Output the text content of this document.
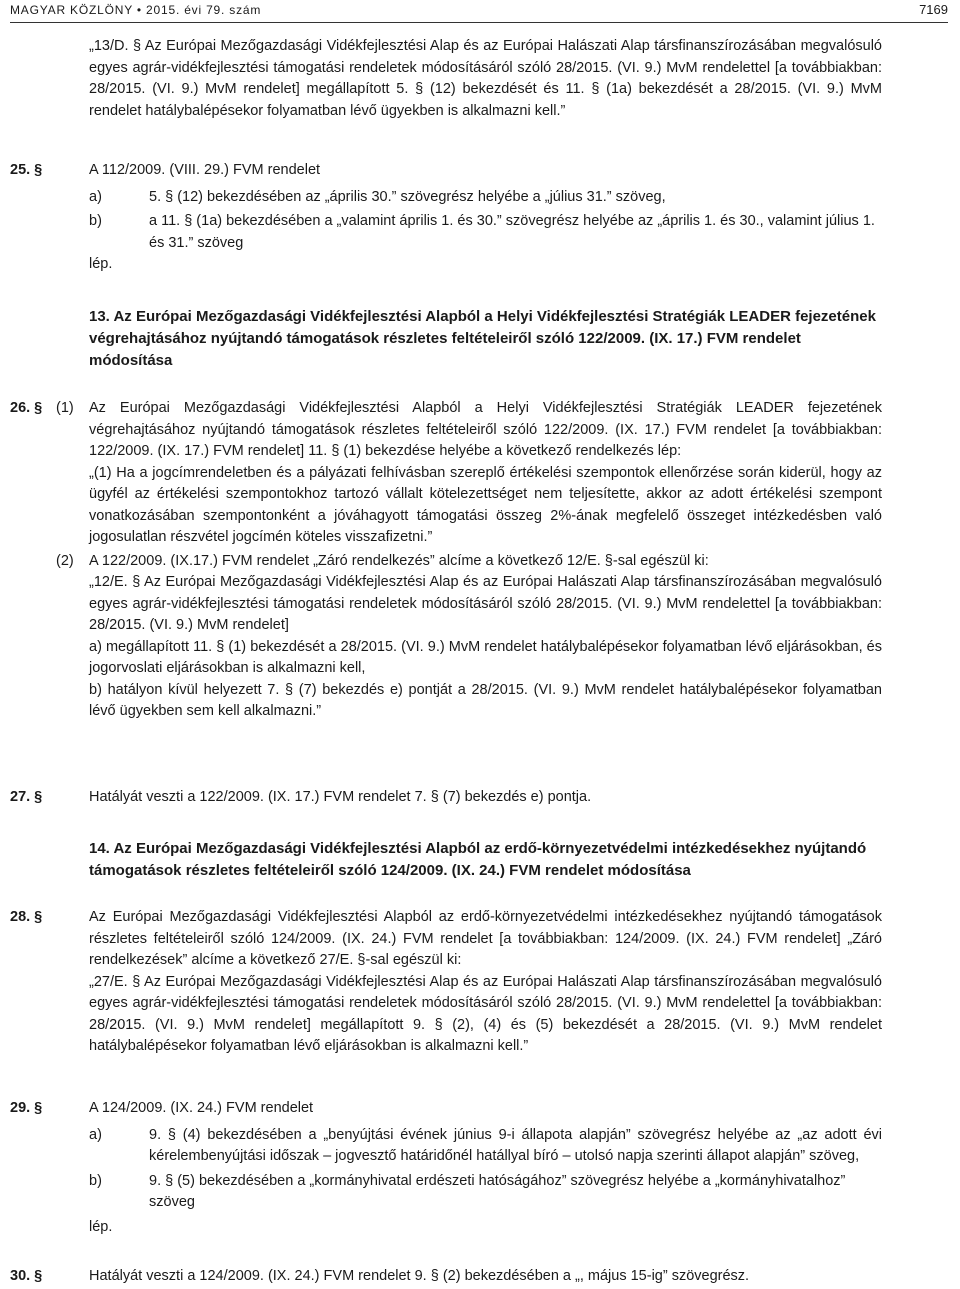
MAGYAR KÖZLÖNY • 2015. évi 79. szám	7169

„13/D. § Az Európai Mezőgazdasági Vidékfejlesztési Alap és az Európai Halászati Alap társfinanszírozásában megvalósuló egyes agrár-vidékfejlesztési támogatási rendeletek módosításáról szóló 28/2015. (VI. 9.) MvM rendelettel [a továbbiakban: 28/2015. (VI. 9.) MvM rendelet] megállapított 5. § (12) bekezdését és 11. § (1a) bekezdését a 28/2015. (VI. 9.) MvM rendelet hatálybalépésekor folyamatban lévő ügyekben is alkalmazni kell.”

25. §	A 112/2009. (VIII. 29.) FVM rendelet

a)	5. § (12) bekezdésében az „április 30.” szövegrész helyébe a „július 31.” szöveg,
b)	a 11. § (1a) bekezdésében a „valamint április 1. és 30.” szövegrész helyébe az „április 1. és 30., valamint július 1. és 31.” szöveg

lép.

13. Az Európai Mezőgazdasági Vidékfejlesztési Alapból a Helyi Vidékfejlesztési Stratégiák LEADER fejezetének végrehajtásához nyújtandó támogatások részletes feltételeiről szóló 122/2009. (IX. 17.) FVM rendelet módosítása
26. § (1) Az Európai Mezőgazdasági Vidékfejlesztési Alapból a Helyi Vidékfejlesztési Stratégiák LEADER fejezetének végrehajtásához nyújtandó támogatások részletes feltételeiről szóló 122/2009. (IX. 17.) FVM rendelet [a továbbiakban: 122/2009. (IX. 17.) FVM rendelet] 11. § (1) bekezdése helyébe a következő rendelkezés lép:

„(1) Ha a jogcímrendeletben és a pályázati felhívásban szereplő értékelési szempontok ellenőrzése során kiderül, hogy az ügyfél az értékelési szempontokhoz tartozó vállalt kötelezettséget nem teljesítette, akkor az adott értékelési szempont vonatkozásában szempontonként a jóváhagyott támogatási összeg 2%-ának megfelelő összeget intézkedésben való jogosulatlan részvétel jogcímén köteles visszafizetni.”

(2) A 122/2009. (IX.17.) FVM rendelet „Záró rendelkezés” alcíme a következő 12/E. §-sal egészül ki:

„12/E. § Az Európai Mezőgazdasági Vidékfejlesztési Alap és az Európai Halászati Alap társfinanszírozásában megvalósuló egyes agrár-vidékfejlesztési támogatási rendeletek módosításáról szóló 28/2015. (VI. 9.) MvM rendelettel [a továbbiakban: 28/2015. (VI. 9.) MvM rendelet]

a) megállapított 11. § (1) bekezdését a 28/2015. (VI. 9.) MvM rendelet hatálybalépésekor folyamatban lévő eljárásokban, és jogorvoslati eljárásokban is alkalmazni kell,

b) hatályon kívül helyezett 7. § (7) bekezdés e) pontját a 28/2015. (VI. 9.) MvM rendelet hatálybalépésekor folyamatban lévő ügyekben sem kell alkalmazni.”

27. §	Hatályát veszti a 122/2009. (IX. 17.) FVM rendelet 7. § (7) bekezdés e) pontja.

14. Az Európai Mezőgazdasági Vidékfejlesztési Alapból az erdő-környezetvédelmi intézkedésekhez nyújtandó támogatások részletes feltételeiről szóló 124/2009. (IX. 24.) FVM rendelet módosítása
28. §	Az Európai Mezőgazdasági Vidékfejlesztési Alapból az erdő-környezetvédelmi intézkedésekhez nyújtandó támogatások részletes feltételeiről szóló 124/2009. (IX. 24.) FVM rendelet [a továbbiakban: 124/2009. (IX. 24.) FVM rendelet] „Záró rendelkezések” alcíme a következő 27/E. §-sal egészül ki:

„27/E. § Az Európai Mezőgazdasági Vidékfejlesztési Alap és az Európai Halászati Alap társfinanszírozásában megvalósuló egyes agrár-vidékfejlesztési támogatási rendeletek módosításáról szóló 28/2015. (VI. 9.) MvM rendelettel [a továbbiakban: 28/2015. (VI. 9.) MvM rendelet] megállapított 9. § (2), (4) és (5) bekezdését a 28/2015. (VI. 9.) MvM rendelet hatálybalépésekor folyamatban lévő eljárásokban is alkalmazni kell.”

29. §	A 124/2009. (IX. 24.) FVM rendelet

a)	9. § (4) bekezdésében a „benyújtási évének június 9-i állapota alapján” szövegrész helyébe az „az adott évi kérelembenyújtási időszak – jogvesztő határidőnél hatállyal bíró – utolsó napja szerinti állapot alapján” szöveg,
b)	9. § (5) bekezdésében a „kormányhivatal erdészeti hatóságához” szövegrész helyébe a „kormányhivatalhoz” szöveg

lép.

30. §	Hatályát veszti a 124/2009. (IX. 24.) FVM rendelet 9. § (2) bekezdésében a „, május 15-ig” szövegrész.
